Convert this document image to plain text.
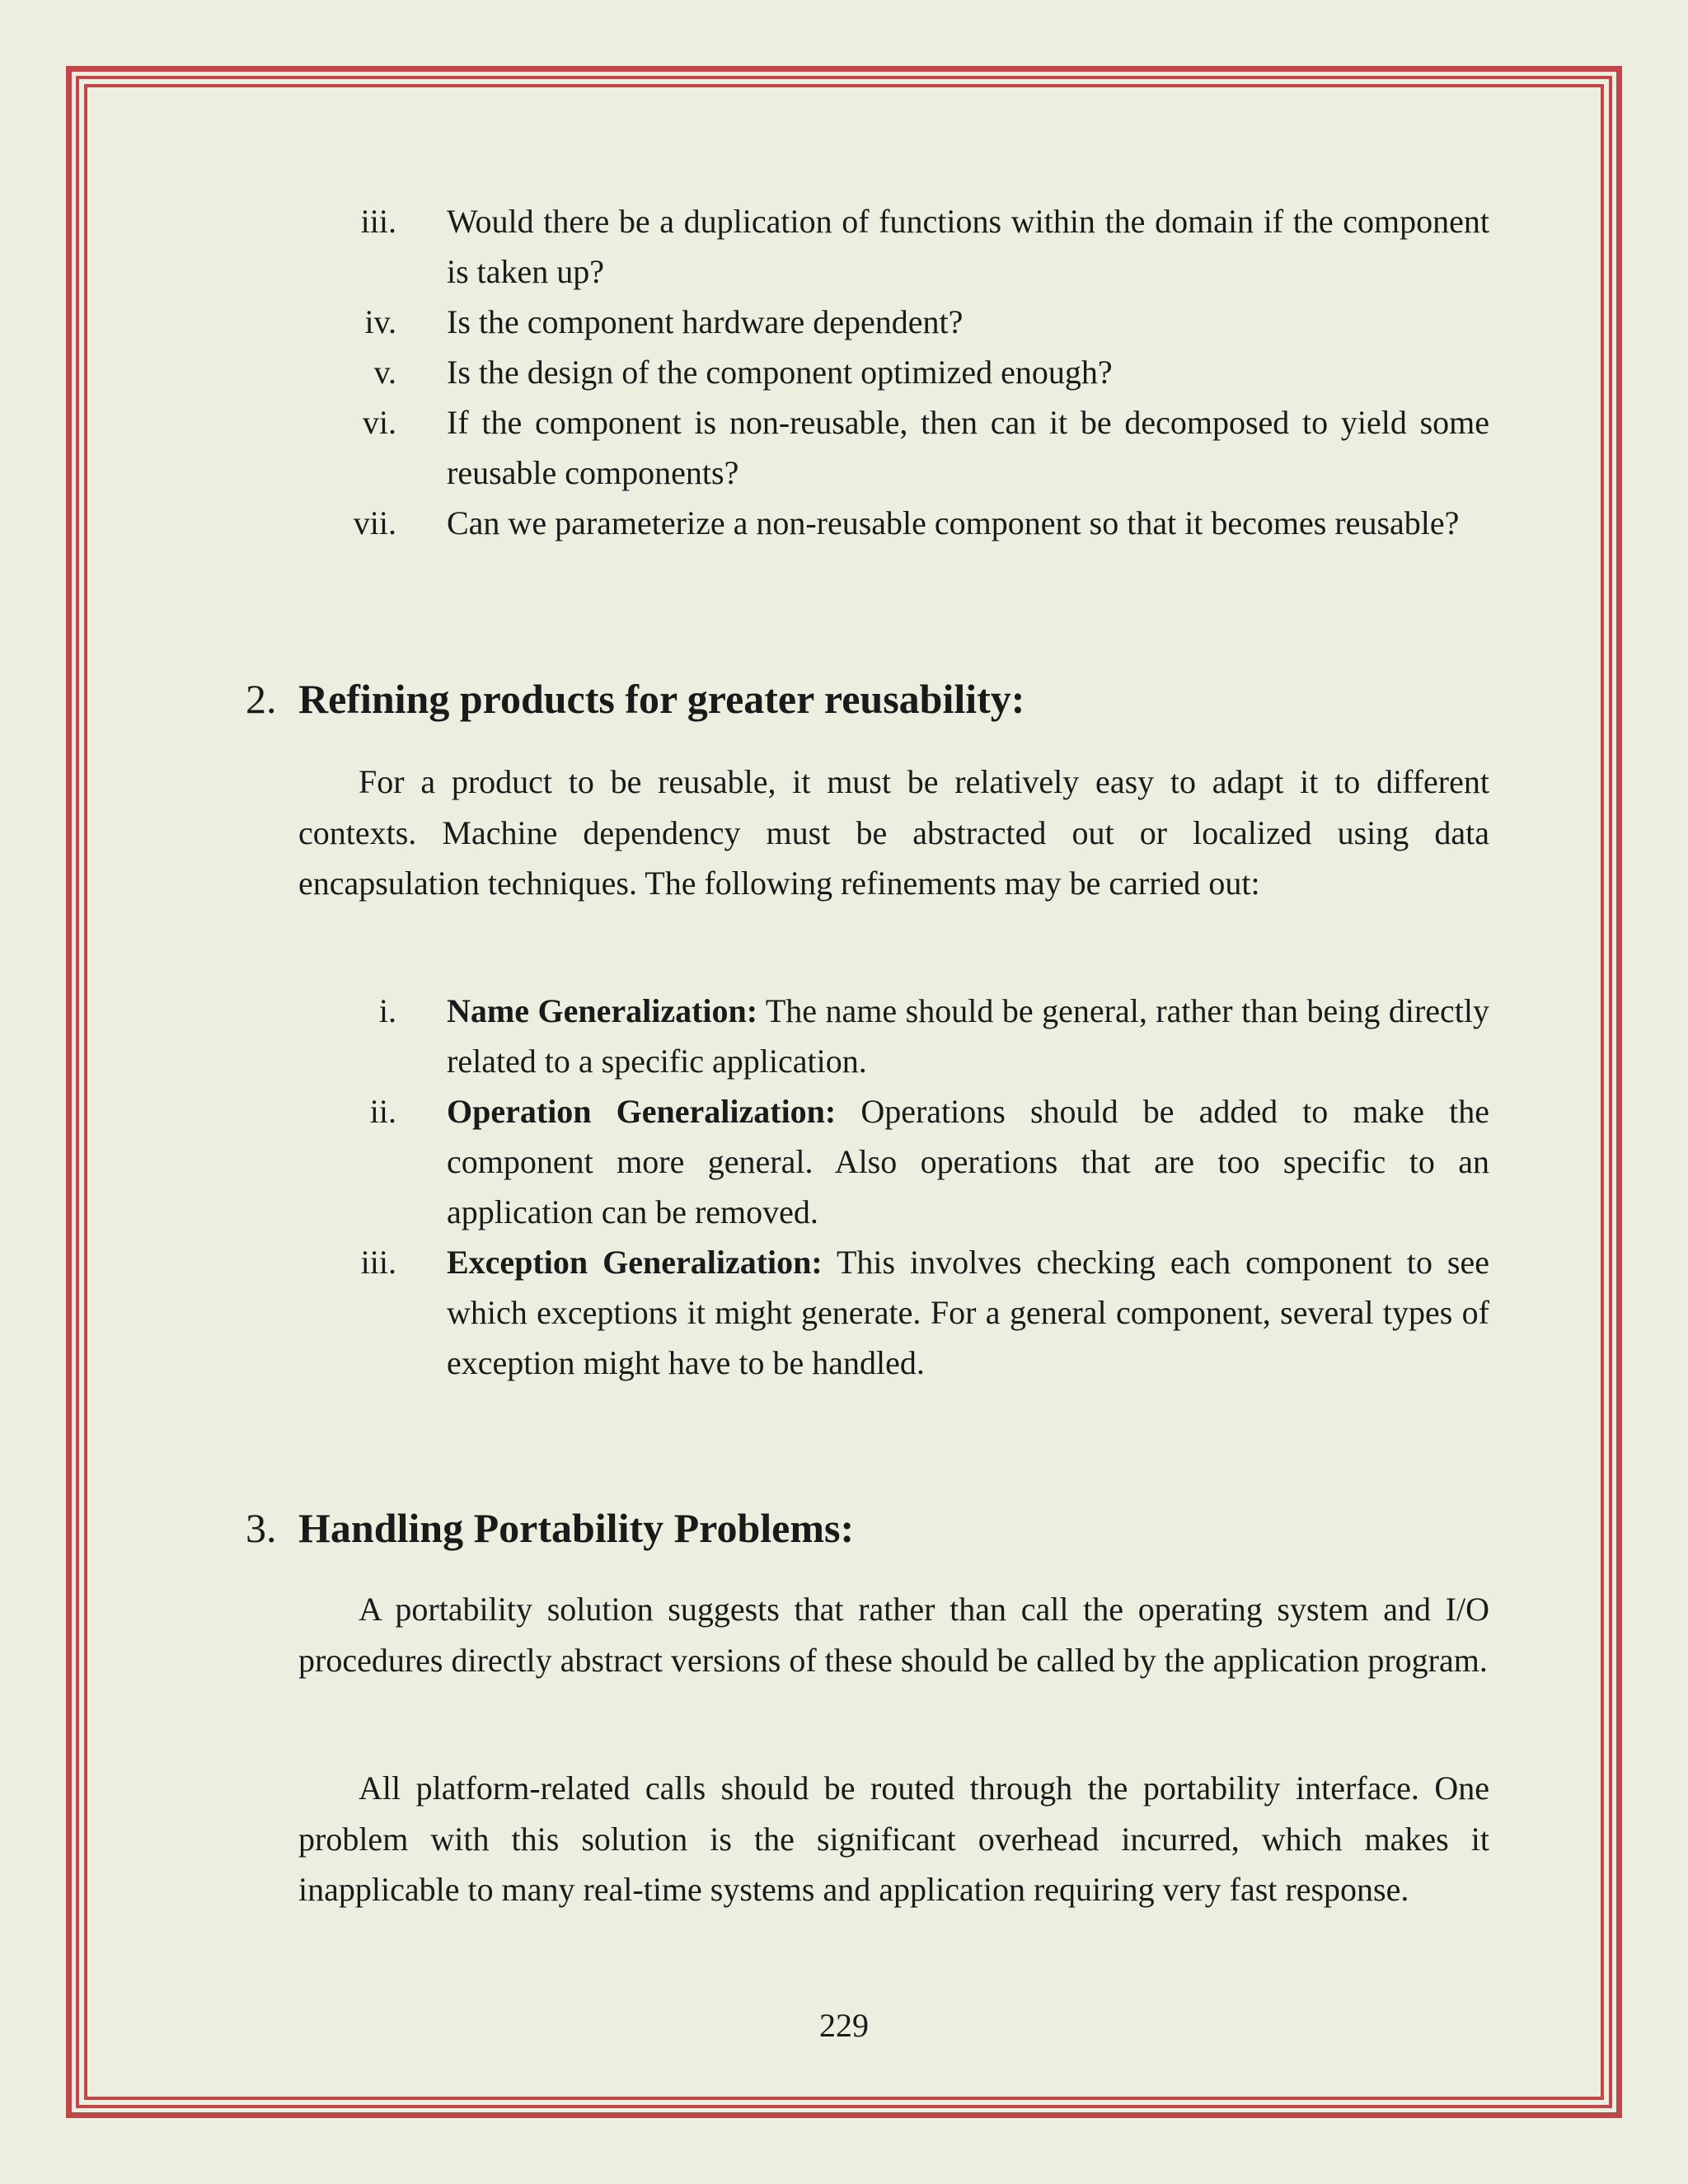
iii. Would there be a duplication of functions within the domain if the component is taken up?
iv. Is the component hardware dependent?
v. Is the design of the component optimized enough?
vi. If the component is non-reusable, then can it be decomposed to yield some reusable components?
vii. Can we parameterize a non-reusable component so that it becomes reusable?
2. Refining products for greater reusability:

For a product to be reusable, it must be relatively easy to adapt it to different contexts. Machine dependency must be abstracted out or localized using data encapsulation techniques. The following refinements may be carried out:

i. Name Generalization: The name should be general, rather than being directly related to a specific application.
ii. Operation Generalization: Operations should be added to make the component more general. Also operations that are too specific to an application can be removed.
iii. Exception Generalization: This involves checking each component to see which exceptions it might generate. For a general component, several types of exception might have to be handled.
3. Handling Portability Problems:

A portability solution suggests that rather than call the operating system and I/O procedures directly abstract versions of these should be called by the application program.

All platform-related calls should be routed through the portability interface. One problem with this solution is the significant overhead incurred, which makes it inapplicable to many real-time systems and application requiring very fast response.

229
